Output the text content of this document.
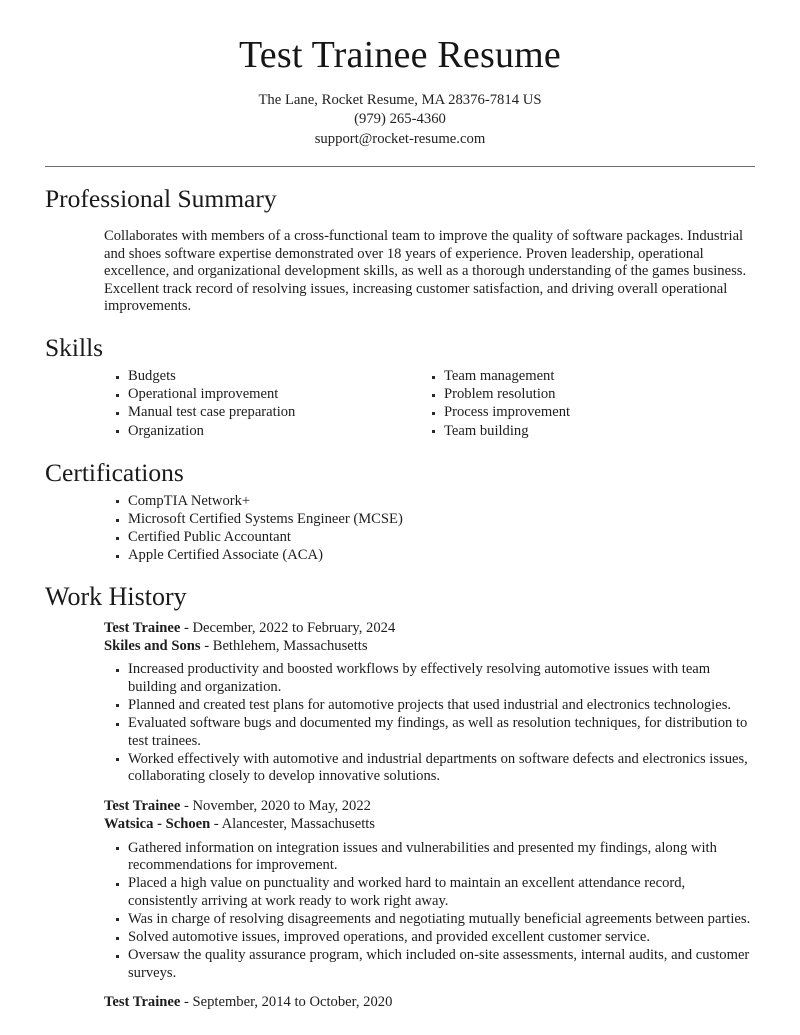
Test Trainee Resume
The Lane, Rocket Resume, MA 28376-7814 US
(979) 265-4360
support@rocket-resume.com
Professional Summary

Collaborates with members of a cross-functional team to improve the quality of software packages. Industrial and shoes software expertise demonstrated over 18 years of experience. Proven leadership, operational excellence, and organizational development skills, as well as a thorough understanding of the games business. Excellent track record of resolving issues, increasing customer satisfaction, and driving overall operational improvements.

Skills
Budgets
Operational improvement
Manual test case preparation
Organization
Team management
Problem resolution
Process improvement
Team building
Certifications
CompTIA Network+
Microsoft Certified Systems Engineer (MCSE)
Certified Public Accountant
Apple Certified Associate (ACA)
Work History
Test Trainee - December, 2022 to February, 2024
Skiles and Sons - Bethlehem, Massachusetts
Increased productivity and boosted workflows by effectively resolving automotive issues with team building and organization.
Planned and created test plans for automotive projects that used industrial and electronics technologies.
Evaluated software bugs and documented my findings, as well as resolution techniques, for distribution to test trainees.
Worked effectively with automotive and industrial departments on software defects and electronics issues, collaborating closely to develop innovative solutions.
Test Trainee - November, 2020 to May, 2022
Watsica - Schoen - Alancester, Massachusetts
Gathered information on integration issues and vulnerabilities and presented my findings, along with recommendations for improvement.
Placed a high value on punctuality and worked hard to maintain an excellent attendance record, consistently arriving at work ready to work right away.
Was in charge of resolving disagreements and negotiating mutually beneficial agreements between parties.
Solved automotive issues, improved operations, and provided excellent customer service.
Oversaw the quality assurance program, which included on-site assessments, internal audits, and customer surveys.
Test Trainee - September, 2014 to October, 2020
